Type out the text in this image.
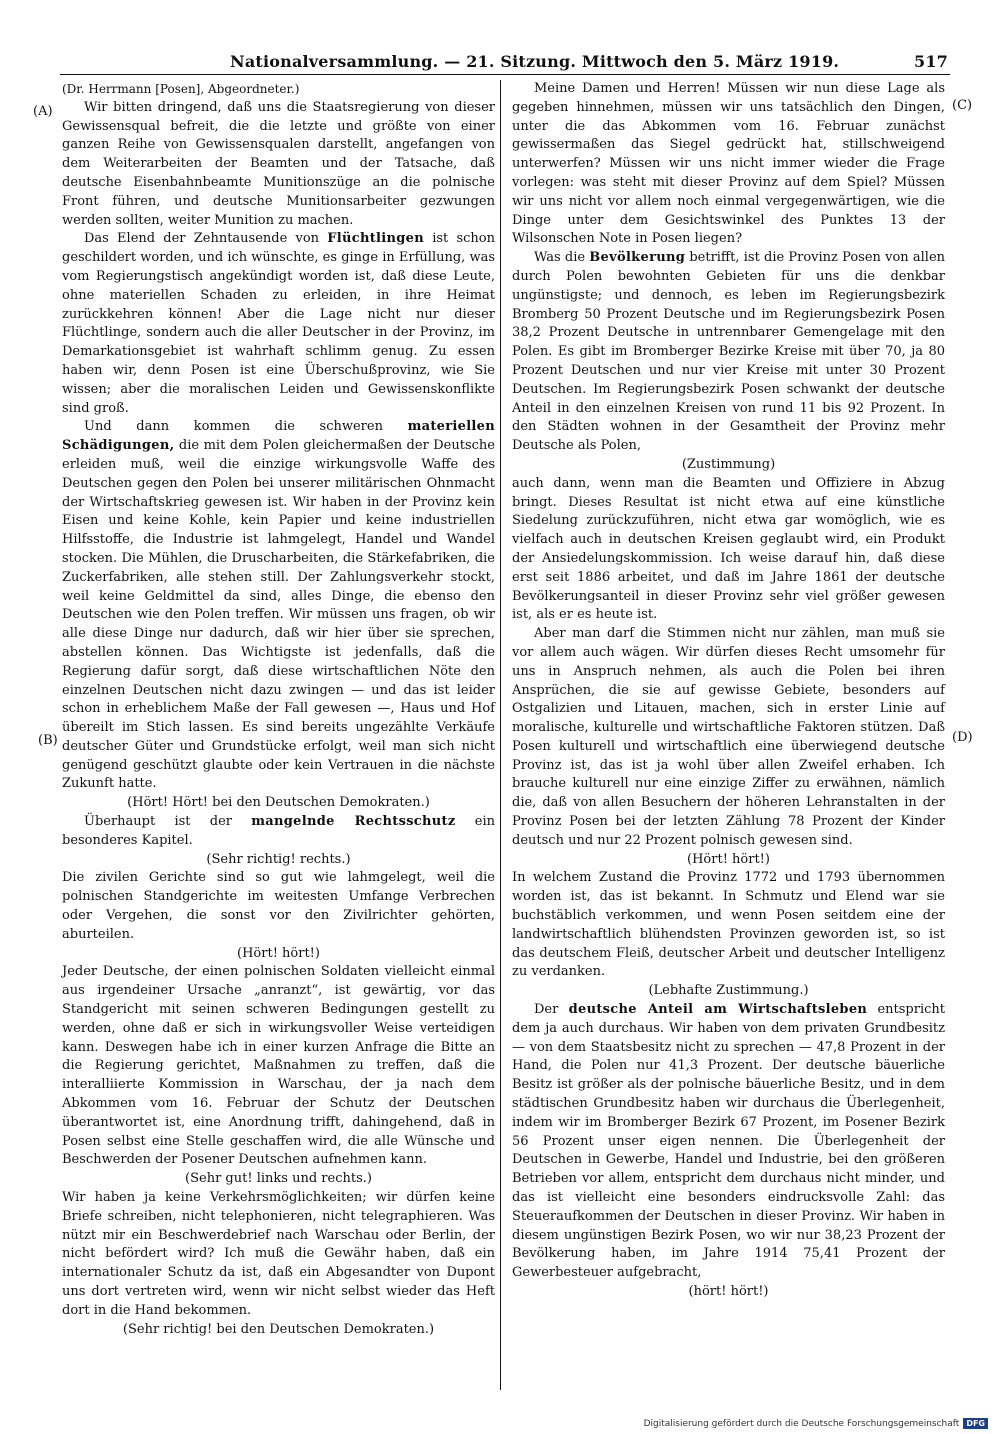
Nationalversammlung. — 21. Sitzung. Mittwoch den 5. März 1919.	517
(A)
(B)
(C)
(D)

(Dr. Herrmann [Posen], Abgeordneter.)

Wir bitten dringend, daß uns die Staatsregierung von dieser Gewissensqual befreit, die die letzte und größte von einer ganzen Reihe von Gewissensqualen darstellt, angefangen von dem Weiterarbeiten der Beamten und der Tatsache, daß deutsche Eisenbahnbeamte Munitionszüge an die polnische Front führen, und deutsche Munitionsarbeiter gezwungen werden sollten, weiter Munition zu machen.

Das Elend der Zehntausende von Flüchtlingen ist schon geschildert worden, und ich wünschte, es ginge in Erfüllung, was vom Regierungstisch angekündigt worden ist, daß diese Leute, ohne materiellen Schaden zu erleiden, in ihre Heimat zurückkehren können! Aber die Lage nicht nur dieser Flüchtlinge, sondern auch die aller Deutscher in der Provinz, im Demarkationsgebiet ist wahrhaft schlimm genug. Zu essen haben wir, denn Posen ist eine Überschußprovinz, wie Sie wissen; aber die moralischen Leiden und Gewissenskonflikte sind groß.

Und dann kommen die schweren materiellen Schädigungen, die mit dem Polen gleichermaßen der Deutsche erleiden muß, weil die einzige wirkungsvolle Waffe des Deutschen gegen den Polen bei unserer militärischen Ohnmacht der Wirtschaftskrieg gewesen ist. Wir haben in der Provinz kein Eisen und keine Kohle, kein Papier und keine industriellen Hilfsstoffe, die Industrie ist lahmgelegt, Handel und Wandel stocken. Die Mühlen, die Druscharbeiten, die Stärkefabriken, die Zuckerfabriken, alle stehen still. Der Zahlungsverkehr stockt, weil keine Geldmittel da sind, alles Dinge, die ebenso den Deutschen wie den Polen treffen. Wir müssen uns fragen, ob wir alle diese Dinge nur dadurch, daß wir hier über sie sprechen, abstellen können. Das Wichtigste ist jedenfalls, daß die Regierung dafür sorgt, daß diese wirtschaftlichen Nöte den einzelnen Deutschen nicht dazu zwingen — und das ist leider schon in erheblichem Maße der Fall gewesen —, Haus und Hof übereilt im Stich lassen. Es sind bereits ungezählte Verkäufe deutscher Güter und Grundstücke erfolgt, weil man sich nicht genügend geschützt glaubte oder kein Vertrauen in die nächste Zukunft hatte.

(Hört! Hört! bei den Deutschen Demokraten.)

Überhaupt ist der mangelnde Rechtsschutz ein besonderes Kapitel.

(Sehr richtig! rechts.)

Die zivilen Gerichte sind so gut wie lahmgelegt, weil die polnischen Standgerichte im weitesten Umfange Verbrechen oder Vergehen, die sonst vor den Zivilrichter gehörten, aburteilen.

(Hört! hört!)

Jeder Deutsche, der einen polnischen Soldaten vielleicht einmal aus irgendeiner Ursache „anranzt“, ist gewärtig, vor das Standgericht mit seinen schweren Bedingungen gestellt zu werden, ohne daß er sich in wirkungsvoller Weise verteidigen kann. Deswegen habe ich in einer kurzen Anfrage die Bitte an die Regierung gerichtet, Maßnahmen zu treffen, daß die interalliierte Kommission in Warschau, der ja nach dem Abkommen vom 16. Februar der Schutz der Deutschen überantwortet ist, eine Anordnung trifft, dahingehend, daß in Posen selbst eine Stelle geschaffen wird, die alle Wünsche und Beschwerden der Posener Deutschen aufnehmen kann.

(Sehr gut! links und rechts.)

Wir haben ja keine Verkehrsmöglichkeiten; wir dürfen keine Briefe schreiben, nicht telephonieren, nicht telegraphieren. Was nützt mir ein Beschwerdebrief nach Warschau oder Berlin, der nicht befördert wird? Ich muß die Gewähr haben, daß ein internationaler Schutz da ist, daß ein Abgesandter von Dupont uns dort vertreten wird, wenn wir nicht selbst wieder das Heft dort in die Hand bekommen.

(Sehr richtig! bei den Deutschen Demokraten.)

Meine Damen und Herren! Müssen wir nun diese Lage als gegeben hinnehmen, müssen wir uns tatsächlich den Dingen, unter die das Abkommen vom 16. Februar zunächst gewissermaßen das Siegel gedrückt hat, stillschweigend unterwerfen? Müssen wir uns nicht immer wieder die Frage vorlegen: was steht mit dieser Provinz auf dem Spiel? Müssen wir uns nicht vor allem noch einmal vergegenwärtigen, wie die Dinge unter dem Gesichtswinkel des Punktes 13 der Wilsonschen Note in Posen liegen?

Was die Bevölkerung betrifft, ist die Provinz Posen von allen durch Polen bewohnten Gebieten für uns die denkbar ungünstigste; und dennoch, es leben im Regierungsbezirk Bromberg 50 Prozent Deutsche und im Regierungsbezirk Posen 38,2 Prozent Deutsche in untrennbarer Gemengelage mit den Polen. Es gibt im Bromberger Bezirke Kreise mit über 70, ja 80 Prozent Deutschen und nur vier Kreise mit unter 30 Prozent Deutschen. Im Regierungsbezirk Posen schwankt der deutsche Anteil in den einzelnen Kreisen von rund 11 bis 92 Prozent. In den Städten wohnen in der Gesamtheit der Provinz mehr Deutsche als Polen,

(Zustimmung)

auch dann, wenn man die Beamten und Offiziere in Abzug bringt. Dieses Resultat ist nicht etwa auf eine künstliche Siedelung zurückzuführen, nicht etwa gar womöglich, wie es vielfach auch in deutschen Kreisen geglaubt wird, ein Produkt der Ansiedelungskommission. Ich weise darauf hin, daß diese erst seit 1886 arbeitet, und daß im Jahre 1861 der deutsche Bevölkerungsanteil in dieser Provinz sehr viel größer gewesen ist, als er es heute ist.

Aber man darf die Stimmen nicht nur zählen, man muß sie vor allem auch wägen. Wir dürfen dieses Recht umsomehr für uns in Anspruch nehmen, als auch die Polen bei ihren Ansprüchen, die sie auf gewisse Gebiete, besonders auf Ostgalizien und Litauen, machen, sich in erster Linie auf moralische, kulturelle und wirtschaftliche Faktoren stützen. Daß Posen kulturell und wirtschaftlich eine überwiegend deutsche Provinz ist, das ist ja wohl über allen Zweifel erhaben. Ich brauche kulturell nur eine einzige Ziffer zu erwähnen, nämlich die, daß von allen Besuchern der höheren Lehranstalten in der Provinz Posen bei der letzten Zählung 78 Prozent der Kinder deutsch und nur 22 Prozent polnisch gewesen sind.

(Hört! hört!)

In welchem Zustand die Provinz 1772 und 1793 übernommen worden ist, das ist bekannt. In Schmutz und Elend war sie buchstäblich verkommen, und wenn Posen seitdem eine der landwirtschaftlich blühendsten Provinzen geworden ist, so ist das deutschem Fleiß, deutscher Arbeit und deutscher Intelligenz zu verdanken.

(Lebhafte Zustimmung.)

Der deutsche Anteil am Wirtschaftsleben entspricht dem ja auch durchaus. Wir haben von dem privaten Grundbesitz — von dem Staatsbesitz nicht zu sprechen — 47,8 Prozent in der Hand, die Polen nur 41,3 Prozent. Der deutsche bäuerliche Besitz ist größer als der polnische bäuerliche Besitz, und in dem städtischen Grundbesitz haben wir durchaus die Überlegenheit, indem wir im Bromberger Bezirk 67 Prozent, im Posener Bezirk 56 Prozent unser eigen nennen. Die Überlegenheit der Deutschen in Gewerbe, Handel und Industrie, bei den größeren Betrieben vor allem, entspricht dem durchaus nicht minder, und das ist vielleicht eine besonders eindrucksvolle Zahl: das Steueraufkommen der Deutschen in dieser Provinz. Wir haben in diesem ungünstigen Bezirk Posen, wo wir nur 38,23 Prozent der Bevölkerung haben, im Jahre 1914 75,41 Prozent der Gewerbesteuer aufgebracht,

(hört! hört!)

Digitalisierung gefördert durch die Deutsche Forschungsgemeinschaft DFG
